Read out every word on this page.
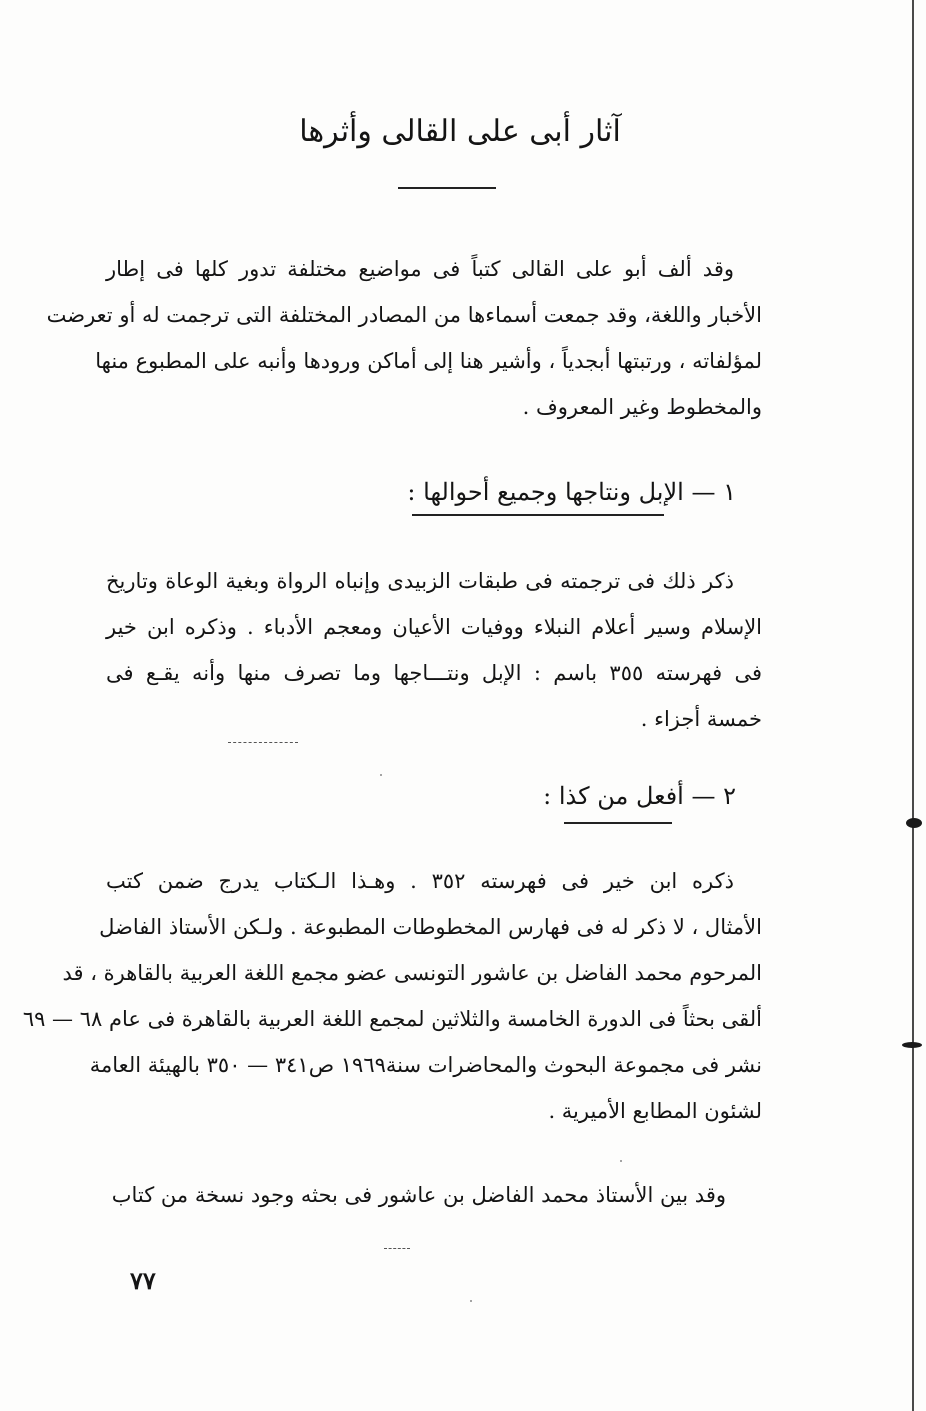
آثار أبى على القالى وأثرها
وقد ألف أبو على القالى كتباً فى مواضيع مختلفة تدور كلها فى إطار
الأخبار واللغة، وقد جمعت أسماءها من المصادر المختلفة التى ترجمت له أو تعرضت
لمؤلفاته ، ورتبتها أبجدياً ، وأشير هنا إلى أماكن ورودها وأنبه على المطبوع منها
والمخطوط وغير المعروف .
١ — الإبل ونتاجها وجميع أحوالها :
ذكر ذلك فى ترجمته فى طبقات الزبيدى وإنباه الرواة وبغية الوعاة وتاريخ
الإسلام وسير أعلام النبلاء ووفيات الأعيان ومعجم الأدباء . وذكره ابن خير
فى فهرسته ٣٥٥ باسم : الإبل ونتـــاجها وما تصرف منها وأنه يقـع فى
خمسة أجزاء .
٢ — أفعل من كذا :
ذكره ابن خير فى فهرسته ٣٥٢ . وهـذا الـكتاب يدرج ضمن كتب
الأمثال ، لا ذكر له فى فهارس المخطوطات المطبوعة . ولـكن الأستاذ الفاضل
المرحوم محمد الفاضل بن عاشور التونسى عضو مجمع اللغة العربية بالقاهرة ، قد
ألقى بحثاً فى الدورة الخامسة والثلاثين لمجمع اللغة العربية بالقاهرة فى عام ٦٨ — ٦٩
نشر فى مجموعة البحوث والمحاضرات سنة١٩٦٩ ص٣٤١ — ٣٥٠ بالهيئة العامة
لشئون المطابع الأميرية .
وقد بين الأستاذ محمد الفاضل بن عاشور فى بحثه وجود نسخة من كتاب
٧٧
